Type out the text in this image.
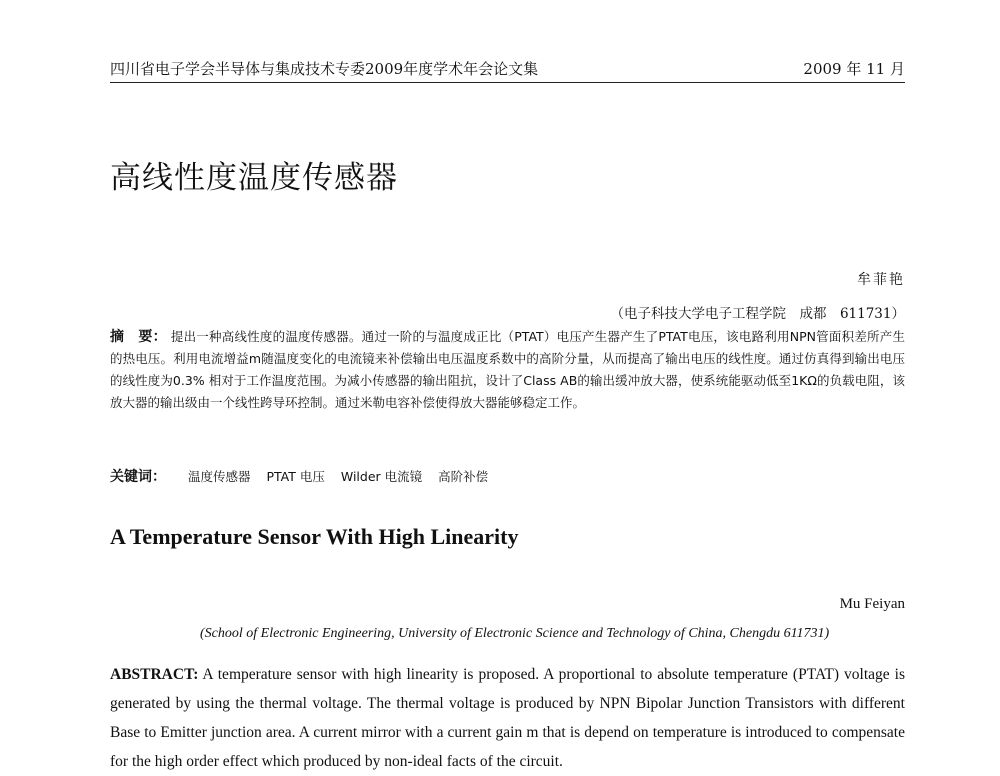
四川省电子学会半导体与集成技术专委2009年度学术年会论文集	2009 年 11 月
高线性度温度传感器
牟菲艳
（电子科技大学电子工程学院　成都　611731）
摘　要： 提出一种高线性度的温度传感器。通过一阶的与温度成正比（PTAT）电压产生器产生了PTAT电压，该电路利用NPN管面积差所产生的热电压。利用电流增益m随温度变化的电流镜来补偿输出电压温度系数中的高阶分量，从而提高了输出电压的线性度。通过仿真得到输出电压的线性度为0.3% 相对于工作温度范围。为减小传感器的输出阻抗，设计了Class AB的输出缓冲放大器，使系统能驱动低至1KΩ的负载电阻，该放大器的输出级由一个线性跨导环控制。通过米勒电容补偿使得放大器能够稳定工作。
关键词： 温度传感器 PTAT 电压 Wilder 电流镜 高阶补偿
A Temperature Sensor With High Linearity
Mu Feiyan
(School of Electronic Engineering, University of Electronic Science and Technology of China, Chengdu 611731)
ABSTRACT: A temperature sensor with high linearity is proposed. A proportional to absolute temperature (PTAT) voltage is generated by using the thermal voltage. The thermal voltage is produced by NPN Bipolar Junction Transistors with different Base to Emitter junction area. A current mirror with a current gain m that is depend on temperature is introduced to compensate for the high order effect which produced by non-ideal facts of the circuit.
